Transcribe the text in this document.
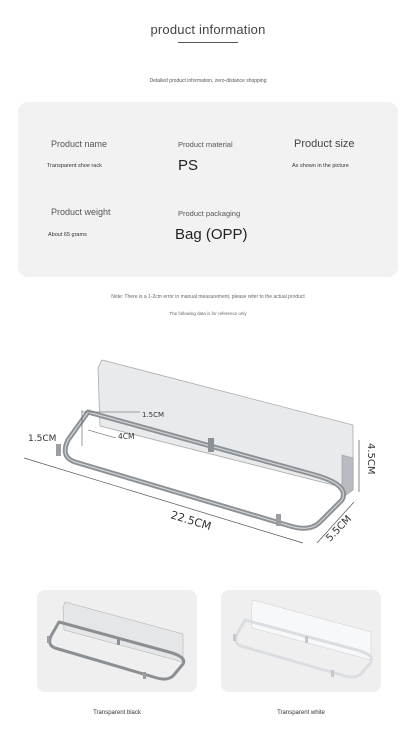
product information
Detailed product information, zero-distance shopping
Product name
Transparent shoe rack
Product material
PS
Product size
As shown in the picture
Product weight
About 65 grams
Product packaging
Bag (OPP)
Note: There is a 1-2cm error in manual measurement, please refer to the actual product
The following data is for reference only
1.5CM
4CM
1.5CM
22.5CM
4.5CM
5.5CM
Transparent black	Transparent white
